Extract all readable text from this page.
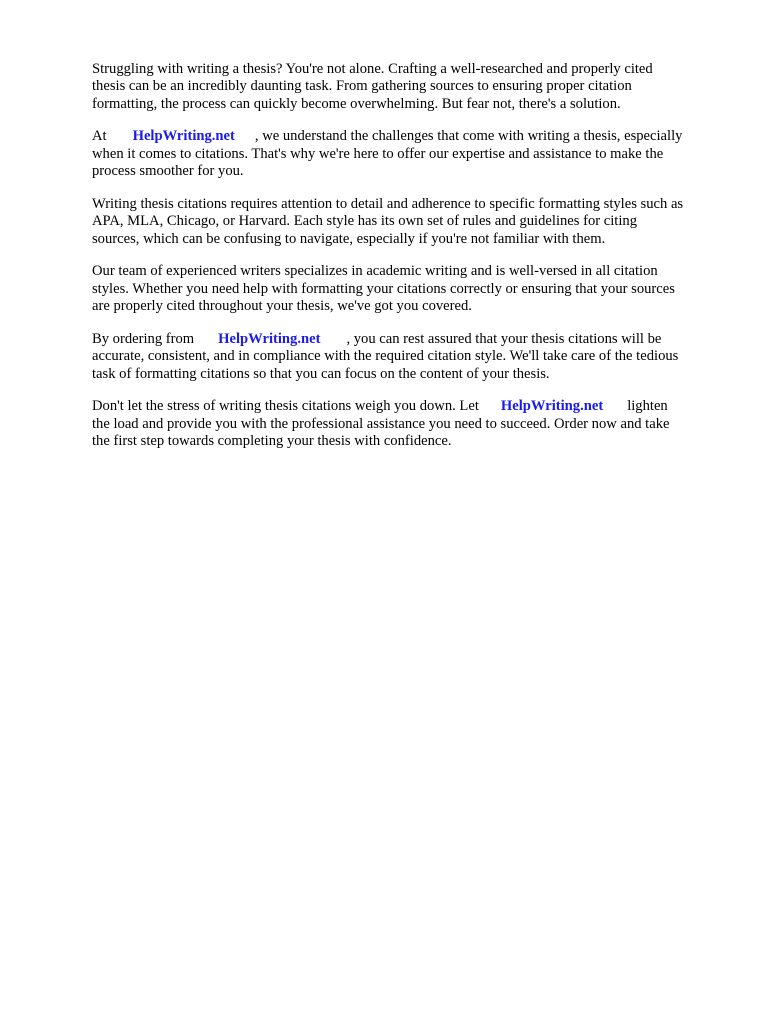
Struggling with writing a thesis? You're not alone. Crafting a well-researched and properly cited
thesis can be an incredibly daunting task. From gathering sources to ensuring proper citation
formatting, the process can quickly become overwhelming. But fear not, there's a solution.

At HelpWriting.net , we understand the challenges that come with writing a thesis, especially
when it comes to citations. That's why we're here to offer our expertise and assistance to make the
process smoother for you.

Writing thesis citations requires attention to detail and adherence to specific formatting styles such as
APA, MLA, Chicago, or Harvard. Each style has its own set of rules and guidelines for citing
sources, which can be confusing to navigate, especially if you're not familiar with them.

Our team of experienced writers specializes in academic writing and is well-versed in all citation
styles. Whether you need help with formatting your citations correctly or ensuring that your sources
are properly cited throughout your thesis, we've got you covered.

By ordering from HelpWriting.net , you can rest assured that your thesis citations will be
accurate, consistent, and in compliance with the required citation style. We'll take care of the tedious
task of formatting citations so that you can focus on the content of your thesis.

Don't let the stress of writing thesis citations weigh you down. Let HelpWriting.net lighten
the load and provide you with the professional assistance you need to succeed. Order now and take
the first step towards completing your thesis with confidence.
